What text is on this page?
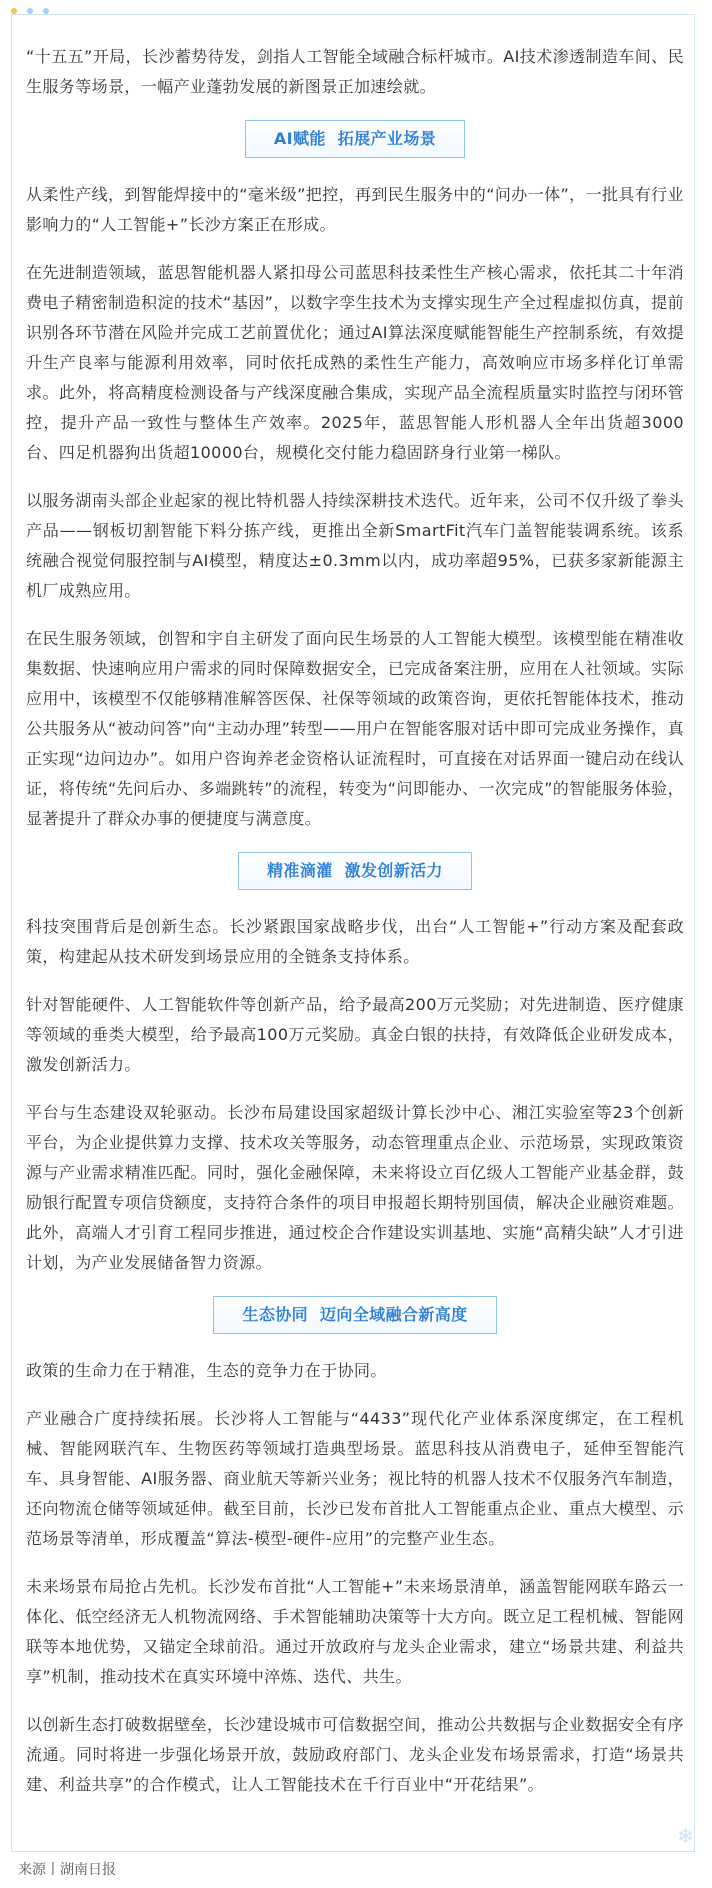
“十五五”开局，长沙蓄势待发，剑指人工智能全域融合标杆城市。AI技术渗透制造车间、民生服务等场景，一幅产业蓬勃发展的新图景正加速绘就。

AI赋能  拓展产业场景

从柔性产线，到智能焊接中的“毫米级”把控，再到民生服务中的“问办一体”，一批具有行业影响力的“人工智能+”长沙方案正在形成。

在先进制造领域，蓝思智能机器人紧扣母公司蓝思科技柔性生产核心需求，依托其二十年消费电子精密制造积淀的技术“基因”，以数字孪生技术为支撑实现生产全过程虚拟仿真，提前识别各环节潜在风险并完成工艺前置优化；通过AI算法深度赋能智能生产控制系统，有效提升生产良率与能源利用效率，同时依托成熟的柔性生产能力，高效响应市场多样化订单需求。此外，将高精度检测设备与产线深度融合集成，实现产品全流程质量实时监控与闭环管控，提升产品一致性与整体生产效率。2025年，蓝思智能人形机器人全年出货超3000台、四足机器狗出货超10000台，规模化交付能力稳固跻身行业第一梯队。

以服务湖南头部企业起家的视比特机器人持续深耕技术迭代。近年来，公司不仅升级了拳头产品——钢板切割智能下料分拣产线，更推出全新SmartFit汽车门盖智能装调系统。该系统融合视觉伺服控制与AI模型，精度达±0.3mm以内，成功率超95%，已获多家新能源主机厂成熟应用。

在民生服务领域，创智和宇自主研发了面向民生场景的人工智能大模型。该模型能在精准收集数据、快速响应用户需求的同时保障数据安全，已完成备案注册，应用在人社领域。实际应用中，该模型不仅能够精准解答医保、社保等领域的政策咨询，更依托智能体技术，推动公共服务从“被动问答”向“主动办理”转型——用户在智能客服对话中即可完成业务操作，真正实现“边问边办”。如用户咨询养老金资格认证流程时，可直接在对话界面一键启动在线认证，将传统“先问后办、多端跳转”的流程，转变为“问即能办、一次完成”的智能服务体验，显著提升了群众办事的便捷度与满意度。

精准滴灌  激发创新活力

科技突围背后是创新生态。长沙紧跟国家战略步伐，出台“人工智能+”行动方案及配套政策，构建起从技术研发到场景应用的全链条支持体系。

针对智能硬件、人工智能软件等创新产品，给予最高200万元奖励；对先进制造、医疗健康等领域的垂类大模型，给予最高100万元奖励。真金白银的扶持，有效降低企业研发成本，激发创新活力。

平台与生态建设双轮驱动。长沙布局建设国家超级计算长沙中心、湘江实验室等23个创新平台，为企业提供算力支撑、技术攻关等服务，动态管理重点企业、示范场景，实现政策资源与产业需求精准匹配。同时，强化金融保障，未来将设立百亿级人工智能产业基金群，鼓励银行配置专项信贷额度，支持符合条件的项目申报超长期特别国债，解决企业融资难题。此外，高端人才引育工程同步推进，通过校企合作建设实训基地、实施“高精尖缺”人才引进计划，为产业发展储备智力资源。

生态协同  迈向全域融合新高度

政策的生命力在于精准，生态的竞争力在于协同。

产业融合广度持续拓展。长沙将人工智能与“4433”现代化产业体系深度绑定，在工程机械、智能网联汽车、生物医药等领域打造典型场景。蓝思科技从消费电子，延伸至智能汽车、具身智能、AI服务器、商业航天等新兴业务；视比特的机器人技术不仅服务汽车制造，还向物流仓储等领域延伸。截至目前，长沙已发布首批人工智能重点企业、重点大模型、示范场景等清单，形成覆盖“算法-模型-硬件-应用”的完整产业生态。

未来场景布局抢占先机。长沙发布首批“人工智能+”未来场景清单，涵盖智能网联车路云一体化、低空经济无人机物流网络、手术智能辅助决策等十大方向。既立足工程机械、智能网联等本地优势，又锚定全球前沿。通过开放政府与龙头企业需求，建立“场景共建、利益共享”机制，推动技术在真实环境中淬炼、迭代、共生。

以创新生态打破数据壁垒，长沙建设城市可信数据空间，推动公共数据与企业数据安全有序流通。同时将进一步强化场景开放，鼓励政府部门、龙头企业发布场景需求，打造“场景共建、利益共享”的合作模式，让人工智能技术在千行百业中“开花结果”。

❄
来源丨湖南日报
